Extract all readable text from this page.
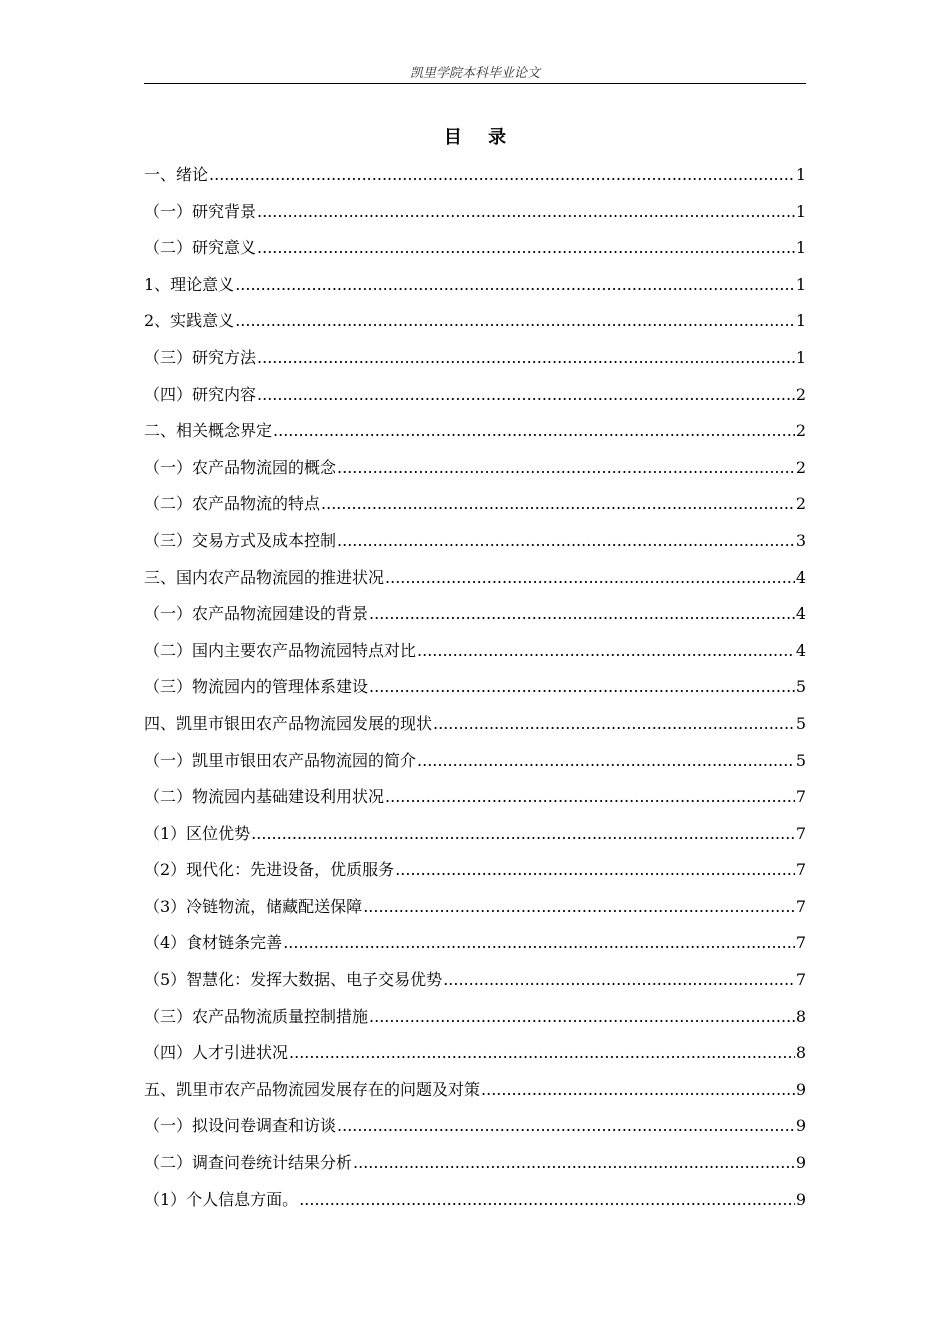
凯里学院本科毕业论文
目 录
一、绪论 .....	1
（一）研究背景 .....	1
（二）研究意义 .....	1
1、理论意义 .....	1
2、实践意义 .....	1
（三）研究方法 .....	1
（四）研究内容 .....	2
二、相关概念界定 .....	2
（一）农产品物流园的概念 .....	2
（二）农产品物流的特点 .....	2
（三）交易方式及成本控制 .....	3
三、国内农产品物流园的推进状况 .....	4
（一）农产品物流园建设的背景 .....	4
（二）国内主要农产品物流园特点对比 .....	4
（三）物流园内的管理体系建设 .....	5
四、凯里市银田农产品物流园发展的现状 .....	5
（一）凯里市银田农产品物流园的简介 .....	5
（二）物流园内基础建设利用状况 .....	7
（1）区位优势 .....	7
（2）现代化：先进设备，优质服务 .....	7
（3）冷链物流，储藏配送保障 .....	7
（4）食材链条完善 .....	7
（5）智慧化：发挥大数据、电子交易优势 .....	7
（三）农产品物流质量控制措施 .....	8
（四）人才引进状况 .....	8
五、凯里市农产品物流园发展存在的问题及对策 .....	9
（一）拟设问卷调查和访谈 .....	9
（二）调查问卷统计结果分析 .....	9
（1）个人信息方面。 .....	9
